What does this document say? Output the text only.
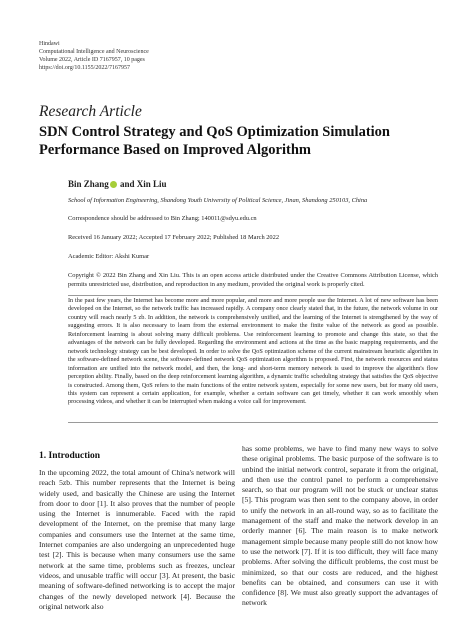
Hindawi
Computational Intelligence and Neuroscience
Volume 2022, Article ID 7167957, 10 pages
https://doi.org/10.1155/2022/7167957
Research Article
SDN Control Strategy and QoS Optimization Simulation Performance Based on Improved Algorithm
Bin Zhang and Xin Liu
School of Information Engineering, Shandong Youth University of Political Science, Jinan, Shandong 250103, China
Correspondence should be addressed to Bin Zhang; 140011@sdyu.edu.cn
Received 16 January 2022; Accepted 17 February 2022; Published 18 March 2022
Academic Editor: Akshi Kumar
Copyright © 2022 Bin Zhang and Xin Liu. This is an open access article distributed under the Creative Commons Attribution License, which permits unrestricted use, distribution, and reproduction in any medium, provided the original work is properly cited.
In the past few years, the Internet has become more and more popular, and more and more people use the Internet. A lot of new software has been developed on the Internet, so the network traffic has increased rapidly. A company once clearly stated that, in the future, the network volume in our country will reach nearly 5 zb. In addition, the network is comprehensively unified, and the learning of the Internet is strengthened by the way of suggesting errors. It is also necessary to learn from the external environment to make the finite value of the network as good as possible. Reinforcement learning is about solving many difficult problems. Use reinforcement learning to promote and change this state, so that the advantages of the network can be fully developed. Regarding the environment and actions at the time as the basic mapping requirements, and the network technology strategy can be best developed. In order to solve the QoS optimization scheme of the current mainstream heuristic algorithm in the software-defined network scene, the software-defined network QoS optimization algorithm is proposed. First, the network resources and status information are unified into the network model, and then, the long- and short-term memory network is used to improve the algorithm's flow perception ability. Finally, based on the deep reinforcement learning algorithm, a dynamic traffic scheduling strategy that satisfies the QoS objective is constructed. Among them, QoS refers to the main functions of the entire network system, especially for some new users, but for many old users, this system can represent a certain application, for example, whether a certain software can get timely, whether it can work smoothly when processing videos, and whether it can be interrupted when making a voice call for improvement.
1. Introduction
In the upcoming 2022, the total amount of China's network will reach 5zb. This number represents that the Internet is being widely used, and basically the Chinese are using the Internet from door to door [1]. It also proves that the number of people using the Internet is innumerable. Faced with the rapid development of the Internet, on the premise that many large companies and consumers use the Internet at the same time, Internet companies are also undergoing an unprecedented huge test [2]. This is because when many consumers use the same network at the same time, problems such as freezes, unclear videos, and unusable traffic will occur [3]. At present, the basic meaning of software-defined networking is to accept the major changes of the newly developed network [4]. Because the original network also
has some problems, we have to find many new ways to solve these original problems. The basic purpose of the software is to unbind the initial network control, separate it from the original, and then use the control panel to perform a comprehensive search, so that our program will not be stuck or unclear status [5]. This program was then sent to the company above, in order to unify the network in an all-round way, so as to facilitate the management of the staff and make the network develop in an orderly manner [6]. The main reason is to make network management simple because many people still do not know how to use the network [7]. If it is too difficult, they will face many problems. After solving the difficult problems, the cost must be minimized, so that our costs are reduced, and the highest benefits can be obtained, and consumers can use it with confidence [8]. We must also greatly support the advantages of network
